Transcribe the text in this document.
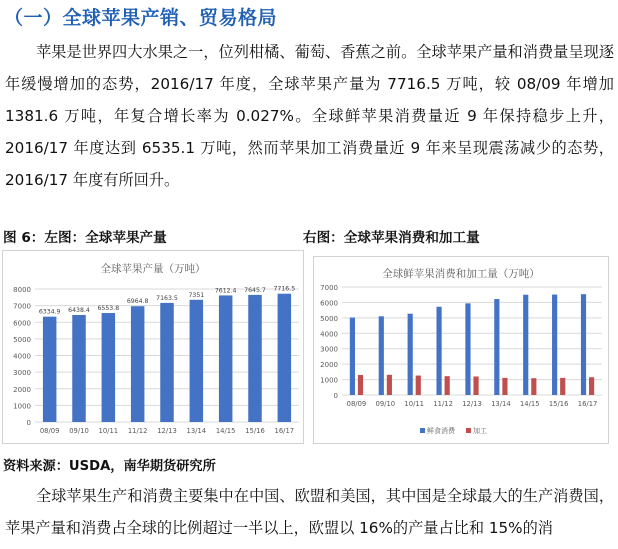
（一）全球苹果产销、贸易格局

苹果是世界四大水果之一，位列柑橘、葡萄、香蕉之前。全球苹果产量和消费量呈现逐年缓慢增加的态势，2016/17 年度，全球苹果产量为 7716.5 万吨，较 08/09 年增加 1381.6 万吨，年复合增长率为 0.027%。全球鲜苹果消费量近 9 年保持稳步上升，2016/17 年度达到 6535.1 万吨，然而苹果加工消费量近 9 年来呈现震荡减少的态势，2016/17 年度有所回升。

图 6：左图：全球苹果产量	右图：全球苹果消费和加工量
全球苹果产量（万吨）
0
1000
2000
3000
4000
5000
6000
7000
8000
6334.9
08/09
6438.4
09/10
6553.8
10/11
6964.8
11/12
7163.5
12/13
7351
13/14
7612.4
14/15
7645.7
15/16
7716.5
16/17
全球鲜苹果消费和加工量（万吨）
0
1000
2000
3000
4000
5000
6000
7000
08/09 09/10 10/11 11/12 12/13 13/14 14/15 15/16 16/17
鲜食消费	加工
资料来源：USDA，南华期货研究所

全球苹果生产和消费主要集中在中国、欧盟和美国，其中国是全球最大的生产消费国，苹果产量和消费占全球的比例超过一半以上，欧盟以 16%的产量占比和 15%的消
